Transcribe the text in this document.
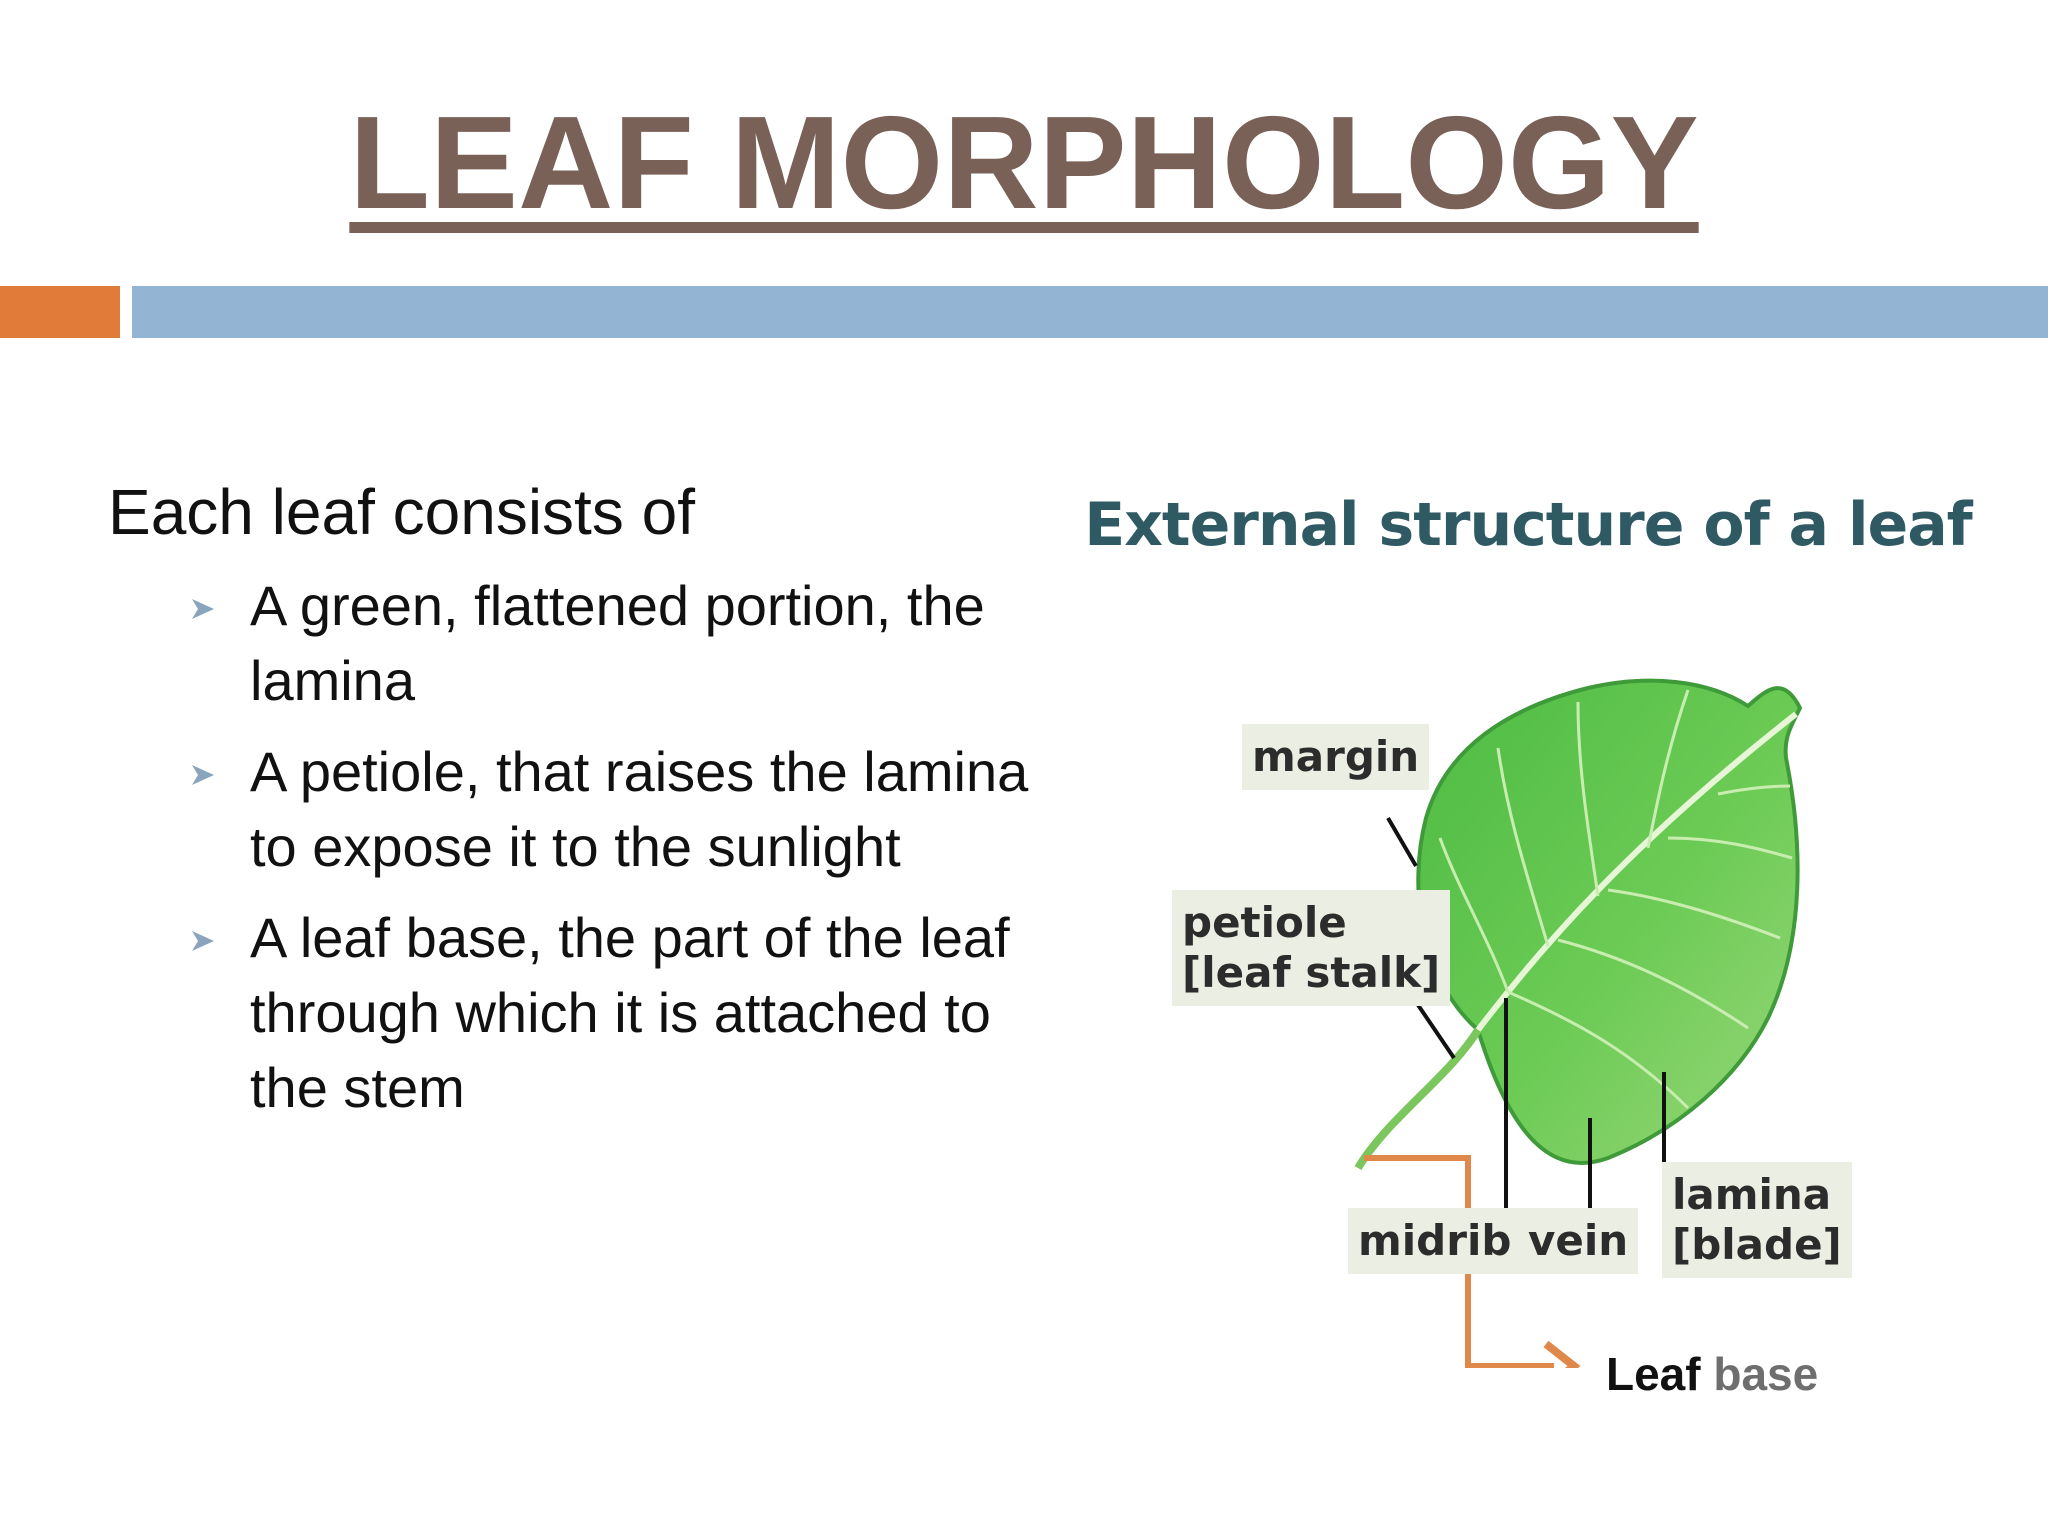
LEAF MORPHOLOGY

Each leaf consists of

A green, flattened portion, the lamina
A petiole, that raises the lamina to expose it to the sunlight
A leaf base, the part of the leaf through which it is attached to the stem
External structure of a leaf
margin
petiole
[leaf stalk]
midrib vein
lamina
[blade]
Leaf base
